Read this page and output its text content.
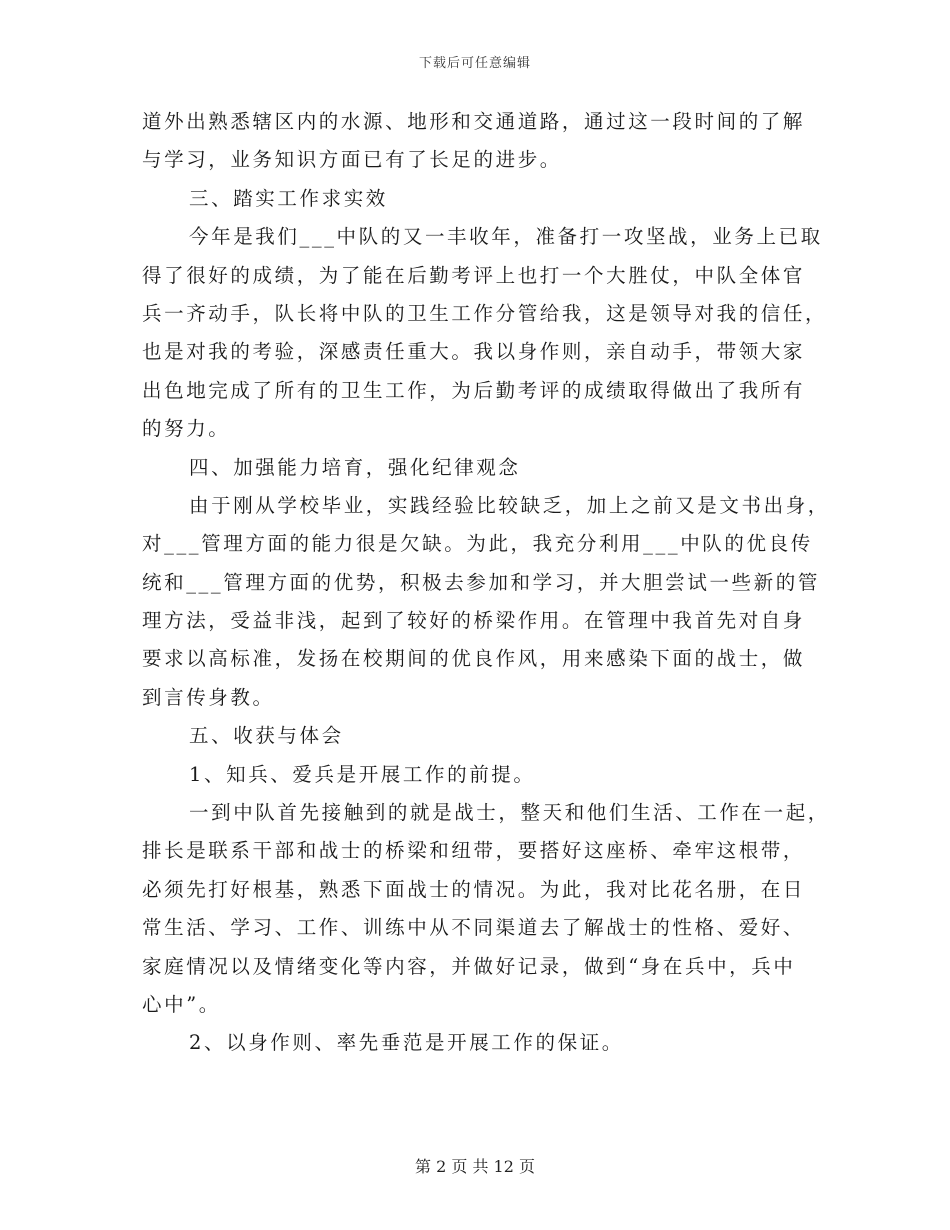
下载后可任意编辑
道外出熟悉辖区内的水源、地形和交通道路，通过这一段时间的了解
与学习，业务知识方面已有了长足的进步。
三、踏实工作求实效
今年是我们___中队的又一丰收年，准备打一攻坚战，业务上已取
得了很好的成绩，为了能在后勤考评上也打一个大胜仗，中队全体官
兵一齐动手，队长将中队的卫生工作分管给我，这是领导对我的信任，
也是对我的考验，深感责任重大。我以身作则，亲自动手，带领大家
出色地完成了所有的卫生工作，为后勤考评的成绩取得做出了我所有
的努力。
四、加强能力培育，强化纪律观念
由于刚从学校毕业，实践经验比较缺乏，加上之前又是文书出身，
对___管理方面的能力很是欠缺。为此，我充分利用___中队的优良传
统和___管理方面的优势，积极去参加和学习，并大胆尝试一些新的管
理方法，受益非浅，起到了较好的桥梁作用。在管理中我首先对自身
要求以高标准，发扬在校期间的优良作风，用来感染下面的战士，做
到言传身教。
五、收获与体会
1、知兵、爱兵是开展工作的前提。
一到中队首先接触到的就是战士，整天和他们生活、工作在一起，
排长是联系干部和战士的桥梁和纽带，要搭好这座桥、牵牢这根带，
必须先打好根基，熟悉下面战士的情况。为此，我对比花名册，在日
常生活、学习、工作、训练中从不同渠道去了解战士的性格、爱好、
家庭情况以及情绪变化等内容，并做好记录，做到“身在兵中，兵中
心中”。
2、以身作则、率先垂范是开展工作的保证。
第 2 页 共 12 页
